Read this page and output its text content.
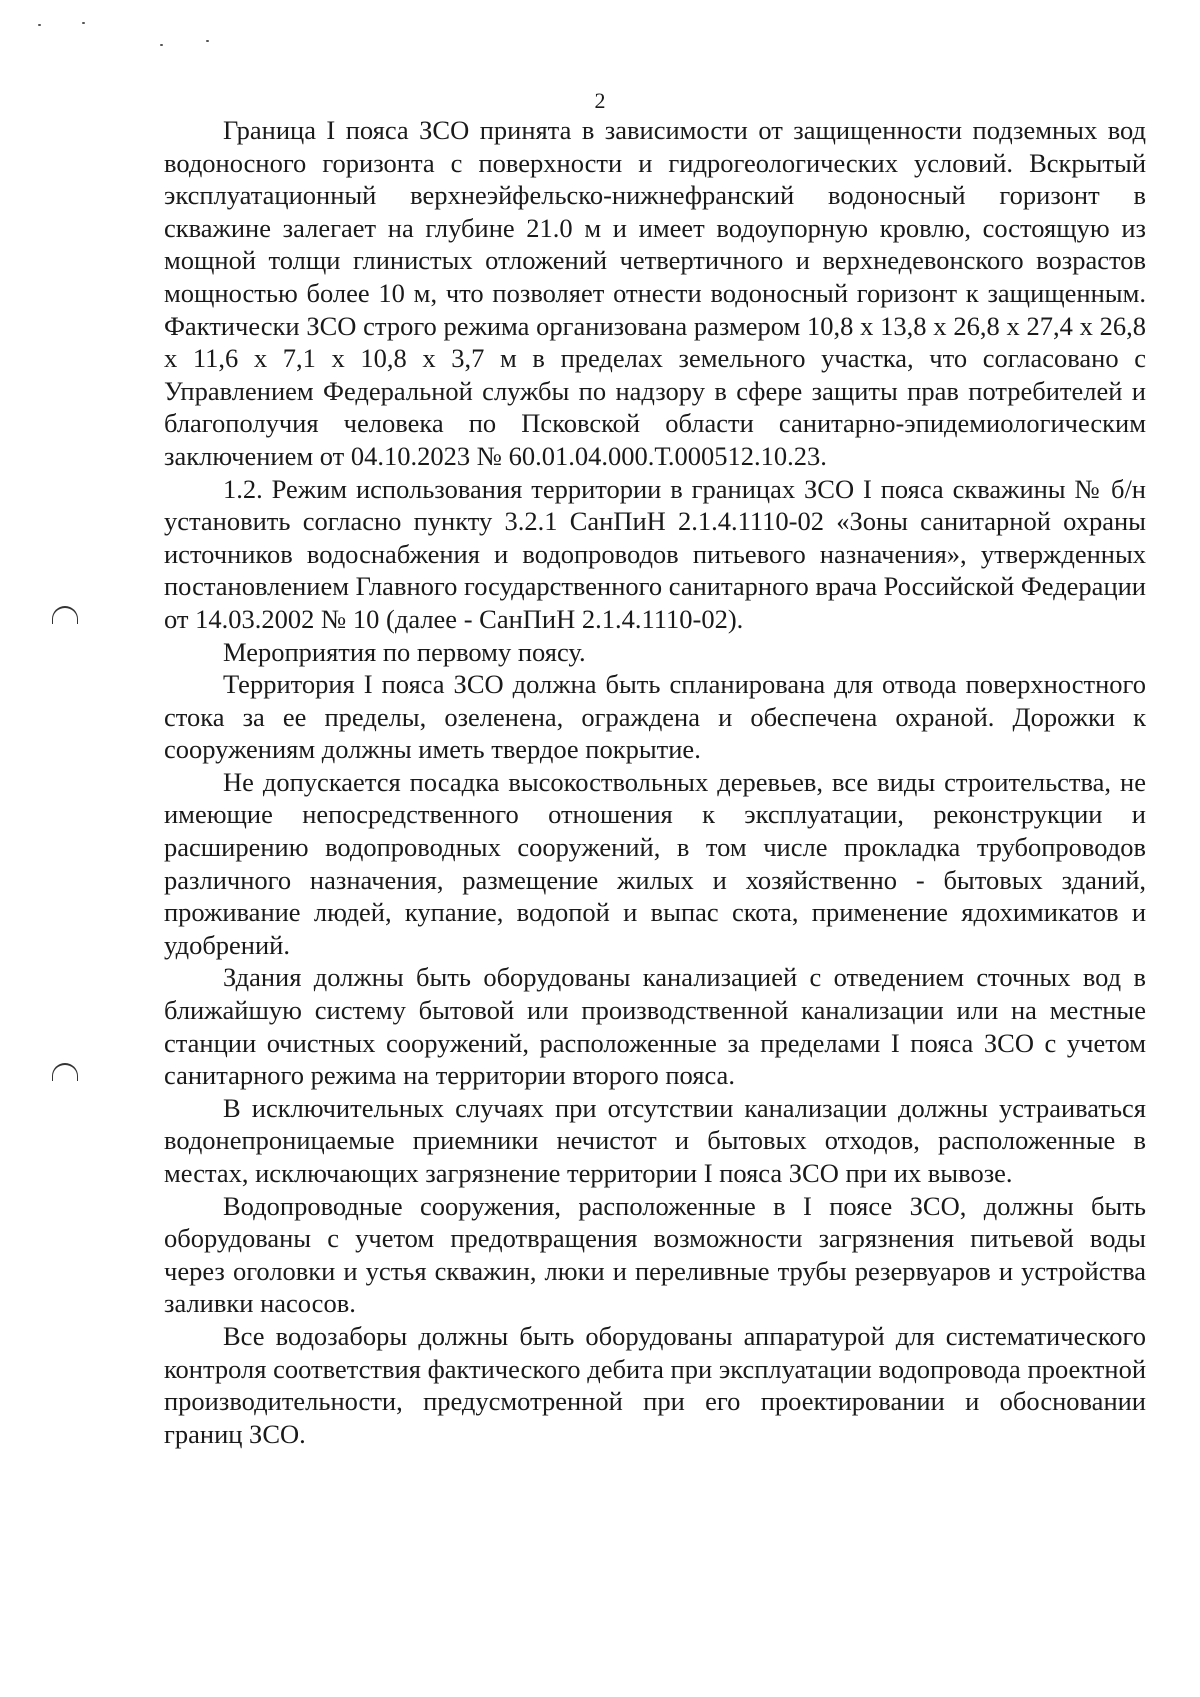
2

Граница I пояса ЗСО принята в зависимости от защищенности подземных вод водоносного горизонта с поверхности и гидрогеологических условий. Вскрытый эксплуатационный верхнеэйфельско-нижнефранский водоносный горизонт в скважине залегает на глубине 21.0 м и имеет водоупорную кровлю, состоящую из мощной толщи глинистых отложений четвертичного и верхнедевонского возрастов мощностью более 10 м, что позволяет отнести водоносный горизонт к защищенным. Фактически ЗСО строго режима организована размером 10,8 х 13,8 х 26,8 х 27,4 х 26,8 х 11,6 х 7,1 х 10,8 х 3,7 м в пределах земельного участка, что согласовано с Управлением Федеральной службы по надзору в сфере защиты прав потребителей и благополучия человека по Псковской области санитарно-эпидемиологическим заключением от 04.10.2023 № 60.01.04.000.Т.000512.10.23.

1.2. Режим использования территории в границах ЗСО I пояса скважины № б/н установить согласно пункту 3.2.1 СанПиН 2.1.4.1110-02 «Зоны санитарной охраны источников водоснабжения и водопроводов питьевого назначения», утвержденных постановлением Главного государственного санитарного врача Российской Федерации от 14.03.2002 № 10 (далее - СанПиН 2.1.4.1110-02).

Мероприятия по первому поясу.

Территория I пояса ЗСО должна быть спланирована для отвода поверхностного стока за ее пределы, озеленена, ограждена и обеспечена охраной. Дорожки к сооружениям должны иметь твердое покрытие.

Не допускается посадка высокоствольных деревьев, все виды строительства, не имеющие непосредственного отношения к эксплуатации, реконструкции и расширению водопроводных сооружений, в том числе прокладка трубопроводов различного назначения, размещение жилых и хозяйственно - бытовых зданий, проживание людей, купание, водопой и выпас скота, применение ядохимикатов и удобрений.

Здания должны быть оборудованы канализацией с отведением сточных вод в ближайшую систему бытовой или производственной канализации или на местные станции очистных сооружений, расположенные за пределами I пояса ЗСО с учетом санитарного режима на территории второго пояса.

В исключительных случаях при отсутствии канализации должны устраиваться водонепроницаемые приемники нечистот и бытовых отходов, расположенные в местах, исключающих загрязнение территории I пояса ЗСО при их вывозе.

Водопроводные сооружения, расположенные в I поясе ЗСО, должны быть оборудованы с учетом предотвращения возможности загрязнения питьевой воды через оголовки и устья скважин, люки и переливные трубы резервуаров и устройства заливки насосов.

Все водозаборы должны быть оборудованы аппаратурой для систематического контроля соответствия фактического дебита при эксплуатации водопровода проектной производительности, предусмотренной при его проектировании и обосновании границ ЗСО.
